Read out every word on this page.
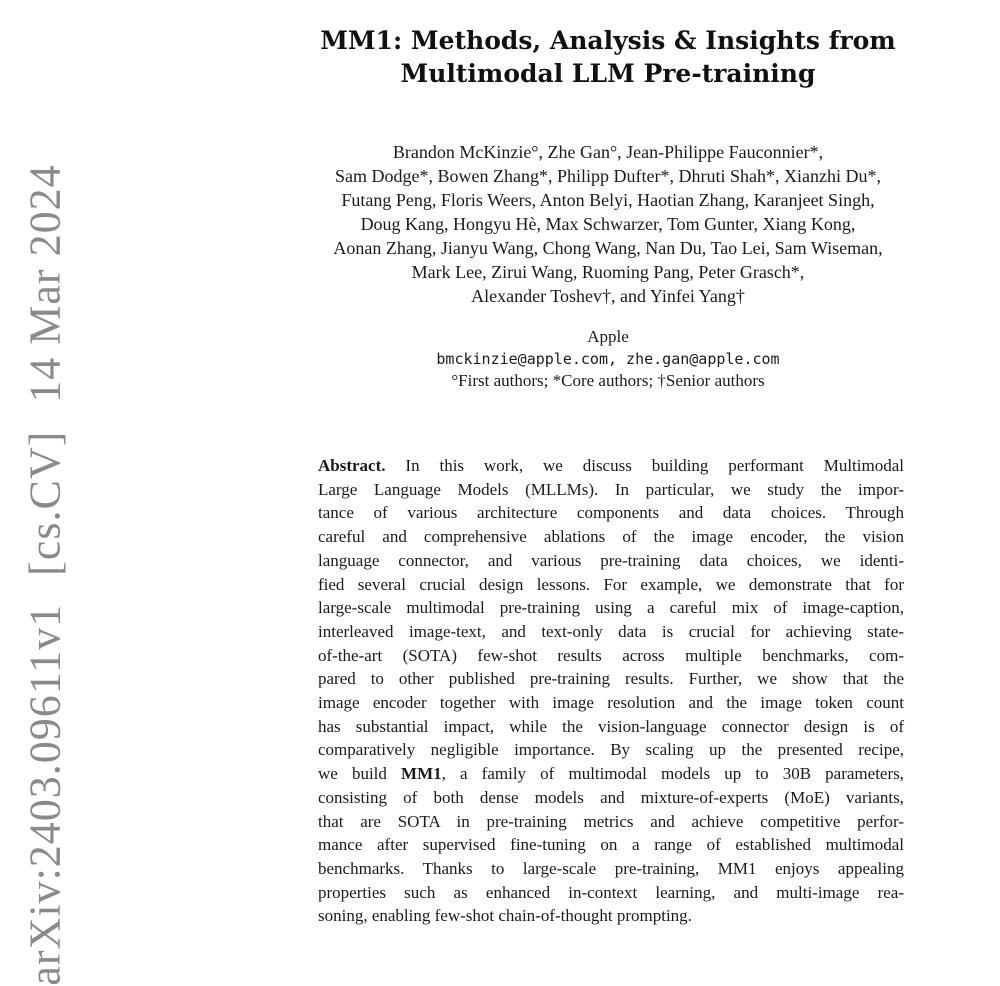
arXiv:2403.09611v1[cs.CV]14 Mar 2024
MM1: Methods, Analysis & Insights from
Multimodal LLM Pre-training
Brandon McKinzie°, Zhe Gan°, Jean-Philippe Fauconnier*,
Sam Dodge*, Bowen Zhang*, Philipp Dufter*, Dhruti Shah*, Xianzhi Du*,
Futang Peng, Floris Weers, Anton Belyi, Haotian Zhang, Karanjeet Singh,
Doug Kang, Hongyu Hè, Max Schwarzer, Tom Gunter, Xiang Kong,
Aonan Zhang, Jianyu Wang, Chong Wang, Nan Du, Tao Lei, Sam Wiseman,
Mark Lee, Zirui Wang, Ruoming Pang, Peter Grasch*,
Alexander Toshev†, and Yinfei Yang†
Apple
bmckinzie@apple.com, zhe.gan@apple.com
°First authors; *Core authors; †Senior authors
Abstract. In this work, we discuss building performant Multimodal
Large Language Models (MLLMs). In particular, we study the impor-
tance of various architecture components and data choices. Through
careful and comprehensive ablations of the image encoder, the vision
language connector, and various pre-training data choices, we identi-
fied several crucial design lessons. For example, we demonstrate that for
large-scale multimodal pre-training using a careful mix of image-caption,
interleaved image-text, and text-only data is crucial for achieving state-
of-the-art (SOTA) few-shot results across multiple benchmarks, com-
pared to other published pre-training results. Further, we show that the
image encoder together with image resolution and the image token count
has substantial impact, while the vision-language connector design is of
comparatively negligible importance. By scaling up the presented recipe,
we build MM1, a family of multimodal models up to 30B parameters,
consisting of both dense models and mixture-of-experts (MoE) variants,
that are SOTA in pre-training metrics and achieve competitive perfor-
mance after supervised fine-tuning on a range of established multimodal
benchmarks. Thanks to large-scale pre-training, MM1 enjoys appealing
properties such as enhanced in-context learning, and multi-image rea-
soning, enabling few-shot chain-of-thought prompting.
